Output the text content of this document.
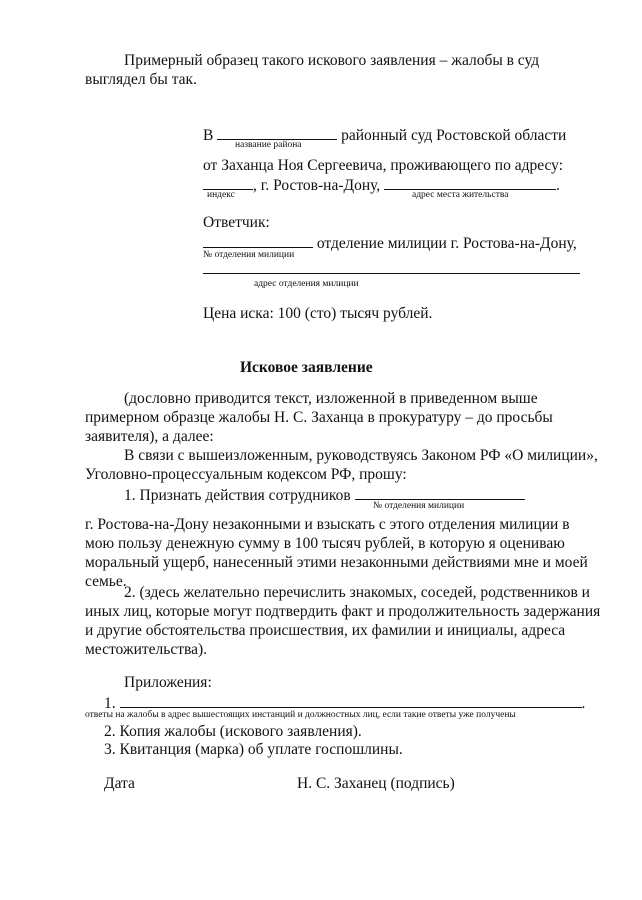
Примерный образец такого искового заявления – жалобы в суд
выглядел бы так.
В	районный суд Ростовской области
название района
от Заханца Ноя Сергеевича, проживающего по адресу:
, г. Ростов-на-Дону,	.
индекс	адрес места жительства
Ответчик:
отделение милиции г. Ростова-на-Дону,
№ отделения милиции
адрес отделения милиции
Цена иска: 100 (сто) тысяч рублей.
Исковое заявление
(дословно приводится текст, изложенной в приведенном выше
примерном образце жалобы Н. С. Заханца в прокуратуру – до просьбы
заявителя), а далее:
В связи с вышеизложенным, руководствуясь Законом РФ «О милиции»,
Уголовно-процессуальным кодексом РФ, прошу:
1. Признать действия сотрудников
№ отделения милиции
г. Ростова-на-Дону незаконными и взыскать с этого отделения милиции в
мою пользу денежную сумму в 100 тысяч рублей, в которую я оцениваю
моральный ущерб, нанесенный этими незаконными действиями мне и моей
семье.
2. (здесь желательно перечислить знакомых, соседей, родственников и
иных лиц, которые могут подтвердить факт и продолжительность задержания
и другие обстоятельства происшествия, их фамилии и инициалы, адреса
местожительства).
Приложения:
1.	.
ответы на жалобы в адрес вышестоящих инстанций и должностных лиц, если такие ответы уже получены
2. Копия жалобы (искового заявления).
3. Квитанция (марка) об уплате госпошлины.
Дата	Н. С. Заханец (подпись)
